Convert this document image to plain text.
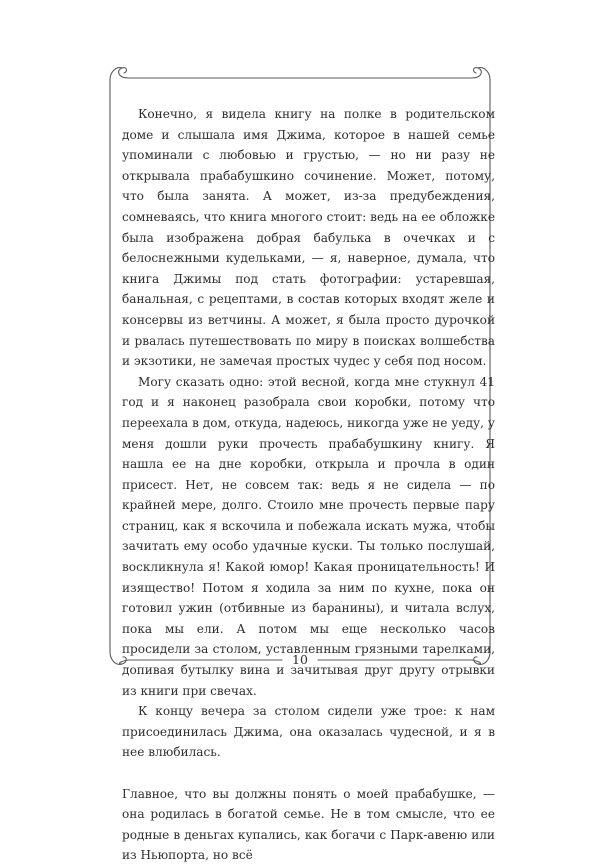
Конечно, я видела книгу на полке в родительском доме и слышала имя Джима, которое в нашей семье упоминали с любовью и грустью, — но ни разу не открывала прабабушкино сочинение. Может, потому, что была занята. А может, из-за предубеждения, сомневаясь, что книга многого стоит: ведь на ее обложке была изображена добрая бабулька в очечках и с белоснежными кудельками, — я, наверное, думала, что книга Джимы под стать фотографии: устаревшая, банальная, с рецептами, в состав которых входят желе и консервы из ветчины. А может, я была просто дурочкой и рвалась путешествовать по миру в поисках волшебства и экзотики, не замечая простых чудес у себя под носом.

Могу сказать одно: этой весной, когда мне стукнул 41 год и я наконец разобрала свои коробки, потому что переехала в дом, откуда, надеюсь, никогда уже не уеду, у меня дошли руки прочесть прабабушкину книгу. Я нашла ее на дне коробки, открыла и прочла в один присест. Нет, не совсем так: ведь я не сидела — по крайней мере, долго. Стоило мне прочесть первые пару страниц, как я вскочила и побежала искать мужа, чтобы зачитать ему особо удачные куски. Ты только послушай, воскликнула я! Какой юмор! Какая проницательность! И изящество! Потом я ходила за ним по кухне, пока он готовил ужин (отбивные из баранины), и читала вслух, пока мы ели. А потом мы еще несколько часов просидели за столом, уставленным грязными тарелками, допивая бутылку вина и зачитывая друг другу отрывки из книги при свечах.

К концу вечера за столом сидели уже трое: к нам присоединилась Джима, она оказалась чудесной, и я в нее влюбилась.

Главное, что вы должны понять о моей прабабушке, — она родилась в богатой семье. Не в том смысле, что ее родные в деньгах купались, как богачи с Парк-авеню или из Ньюпорта, но всё

10
